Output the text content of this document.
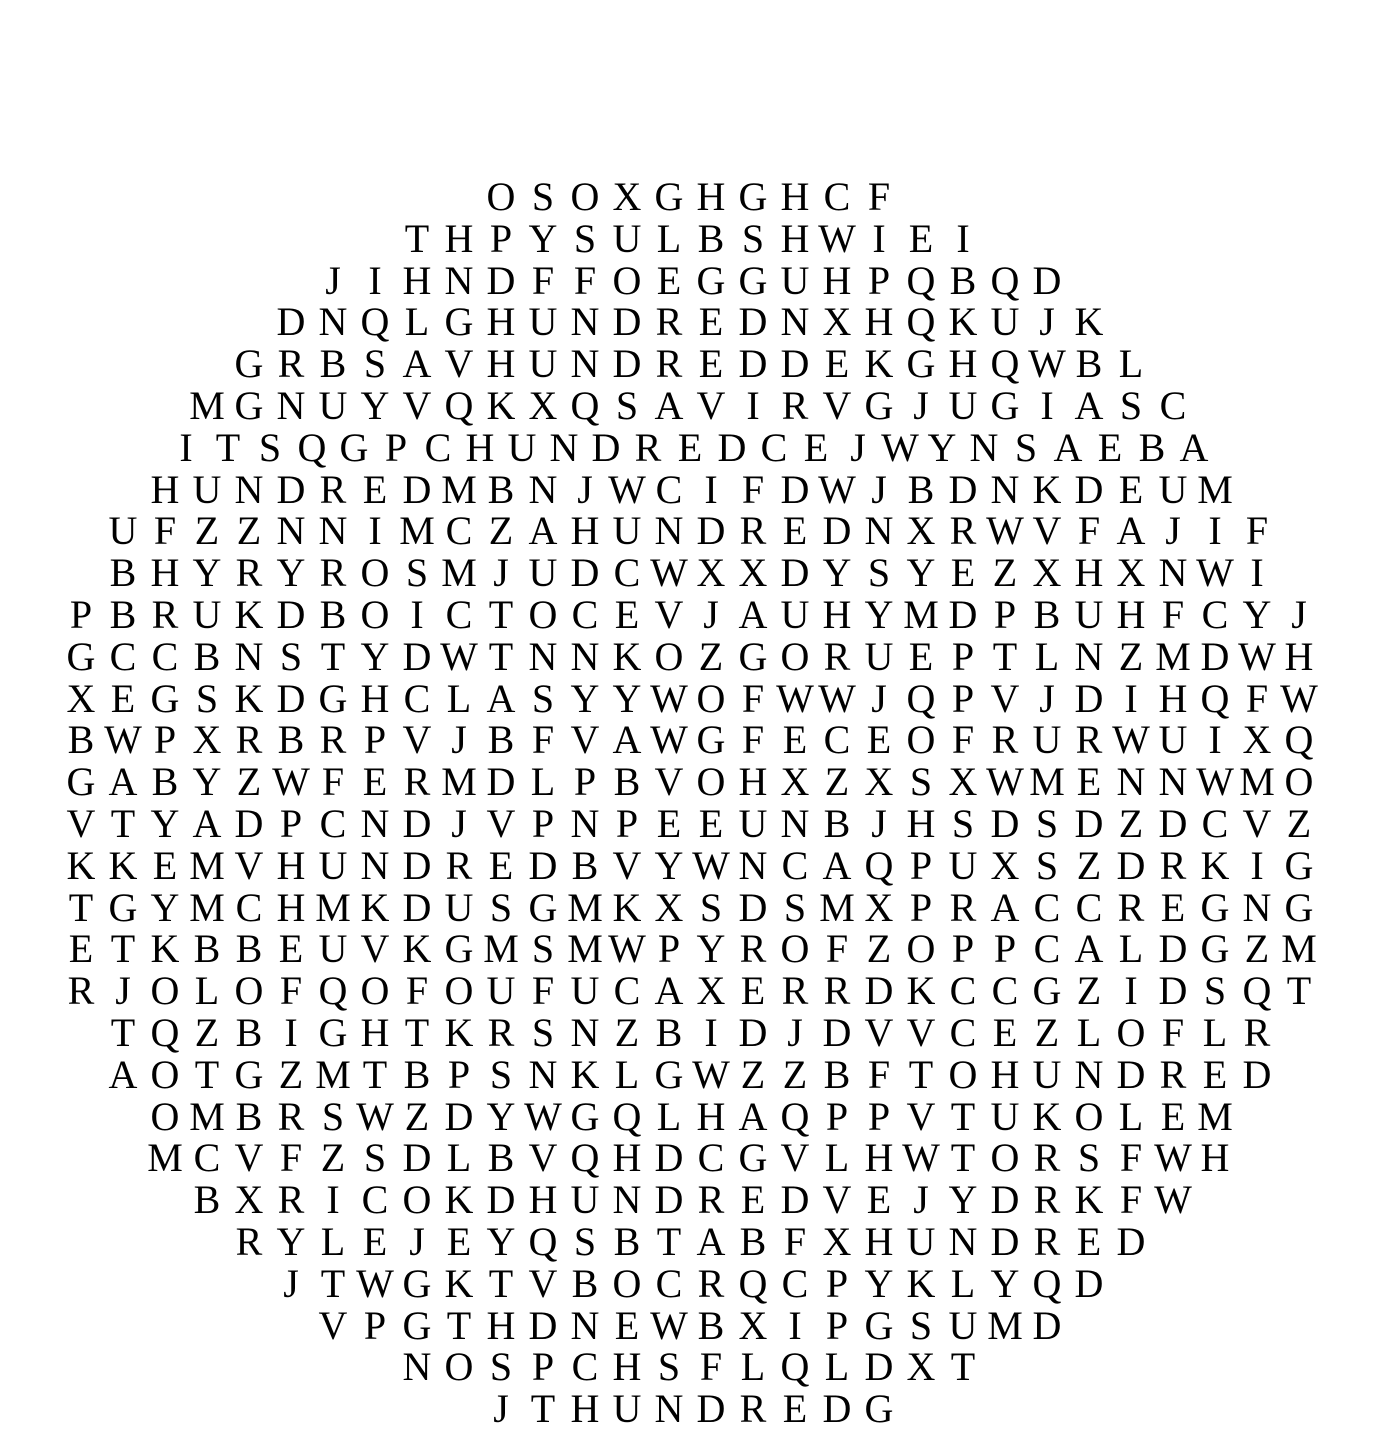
O S O X G H G H C F
T H P Y S U L B S H W I E I
J I H N D F F O E G G U H P Q B Q D
D N Q L G H U N D R E D N X H Q K U J K
G R B S A V H U N D R E D D E K G H Q W B L
M G N U Y V Q K X Q S A V I R V G J U G I A S C
I T S Q G P C H U N D R E D C E J W Y N S A E B A
H U N D R E D M B N J W C I F D W J B D N K D E U M
U F Z Z N N I M C Z A H U N D R E D N X R W V F A J I F
B H Y R Y R O S M J U D C W X X D Y S Y E Z X H X N W I
P B R U K D B O I C T O C E V J A U H Y M D P B U H F C Y J
G C C B N S T Y D W T N N K O Z G O R U E P T L N Z M D W H
X E G S K D G H C L A S Y Y W O F W W J Q P V J D I H Q F W
B W P X R B R P V J B F V A W G F E C E O F R U R W U I X Q
G A B Y Z W F E R M D L P B V O H X Z X S X W M E N N W M O
V T Y A D P C N D J V P N P E E U N B J H S D S D Z D C V Z
K K E M V H U N D R E D B V Y W N C A Q P U X S Z D R K I G
T G Y M C H M K D U S G M K X S D S M X P R A C C R E G N G
E T K B B E U V K G M S M W P Y R O F Z O P P C A L D G Z M
R J O L O F Q O F O U F U C A X E R R D K C C G Z I D S Q T
T Q Z B I G H T K R S N Z B I D J D V V C E Z L O F L R
A O T G Z M T B P S N K L G W Z Z B F T O H U N D R E D
O M B R S W Z D Y W G Q L H A Q P P V T U K O L E M
M C V F Z S D L B V Q H D C G V L H W T O R S F W H
B X R I C O K D H U N D R E D V E J Y D R K F W
R Y L E J E Y Q S B T A B F X H U N D R E D
J T W G K T V B O C R Q C P Y K L Y Q D
V P G T H D N E W B X I P G S U M D
N O S P C H S F L Q L D X T
J T H U N D R E D G
